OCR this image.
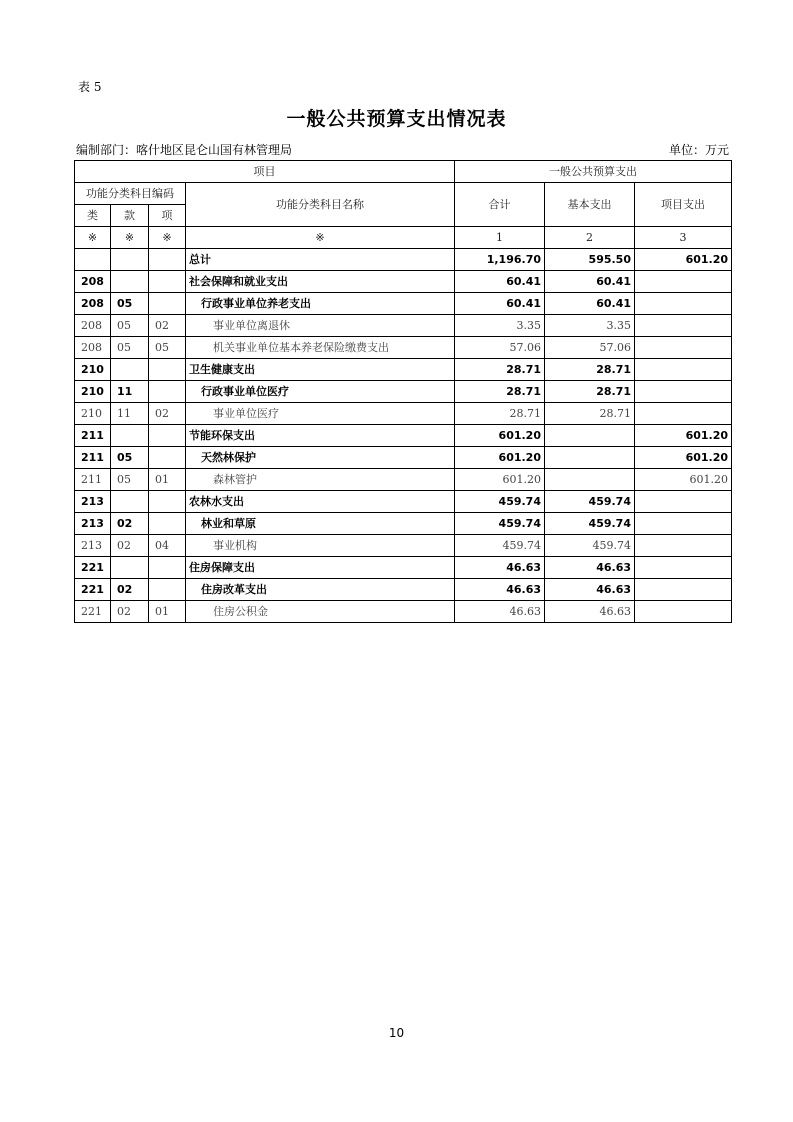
表 5
一般公共预算支出情况表
编制部门：喀什地区昆仑山国有林管理局	单位：万元
项目				一般公共预算支出		
功能分类科目编码			功能分类科目名称	合计	基本支出	项目支出
类	款	项				
※	※	※	※	1	2	3
			总计	1,196.70	595.50	601.20
208			社会保障和就业支出	60.41	60.41	
208	05		行政事业单位养老支出	60.41	60.41	
208	05	02	事业单位离退休	3.35	3.35	
208	05	05	机关事业单位基本养老保险缴费支出	57.06	57.06	
210			卫生健康支出	28.71	28.71	
210	11		行政事业单位医疗	28.71	28.71	
210	11	02	事业单位医疗	28.71	28.71	
211			节能环保支出	601.20		601.20
211	05		天然林保护	601.20		601.20
211	05	01	森林管护	601.20		601.20
213			农林水支出	459.74	459.74	
213	02		林业和草原	459.74	459.74	
213	02	04	事业机构	459.74	459.74	
221			住房保障支出	46.63	46.63	
221	02		住房改革支出	46.63	46.63	
221	02	01	住房公积金	46.63	46.63	
10
